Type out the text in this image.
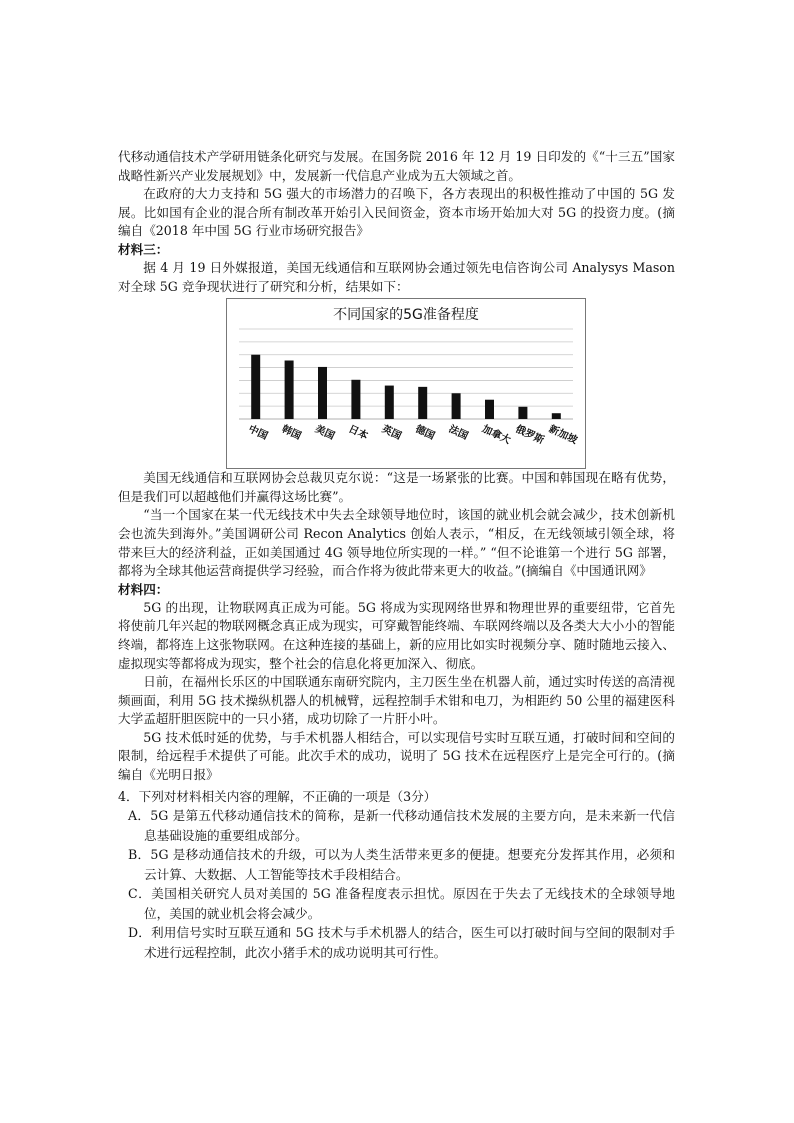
代移动通信技术产学研用链条化研究与发展。在国务院 2016 年 12 月 19 日印发的《“十三五”国家战略性新兴产业发展规划》中，发展新一代信息产业成为五大领域之首。

在政府的大力支持和 5G 强大的市场潜力的召唤下，各方表现出的积极性推动了中国的 5G 发展。比如国有企业的混合所有制改革开始引入民间资金，资本市场开始加大对 5G 的投资力度。(摘编自《2018 年中国 5G 行业市场研究报告》

材料三：

据 4 月 19 日外媒报道，美国无线通信和互联网协会通过领先电信咨询公司 Analysys Mason 对全球 5G 竞争现状进行了研究和分析，结果如下：

不同国家的5G准备程度
中国 韩国 美国 日本 英国 德国 法国 加拿大 俄罗斯 新加坡

美国无线通信和互联网协会总裁贝克尔说：“这是一场紧张的比赛。中国和韩国现在略有优势，但是我们可以超越他们并赢得这场比赛”。

“当一个国家在某一代无线技术中失去全球领导地位时，该国的就业机会就会减少，技术创新机会也流失到海外。”美国调研公司 Recon Analytics 创始人表示，“相反，在无线领域引领全球，将带来巨大的经济利益，正如美国通过 4G 领导地位所实现的一样。” “但不论谁第一个进行 5G 部署，都将为全球其他运营商提供学习经验，而合作将为彼此带来更大的收益。”(摘编自《中国通讯网》

材料四：

5G 的出现，让物联网真正成为可能。5G 将成为实现网络世界和物理世界的重要纽带，它首先将使前几年兴起的物联网概念真正成为现实，可穿戴智能终端、车联网终端以及各类大大小小的智能终端，都将连上这张物联网。在这种连接的基础上，新的应用比如实时视频分享、随时随地云接入、虚拟现实等都将成为现实，整个社会的信息化将更加深入、彻底。

日前，在福州长乐区的中国联通东南研究院内，主刀医生坐在机器人前，通过实时传送的高清视频画面，利用 5G 技术操纵机器人的机械臂，远程控制手术钳和电刀，为相距约 50 公里的福建医科大学孟超肝胆医院中的一只小猪，成功切除了一片肝小叶。

5G 技术低时延的优势，与手术机器人相结合，可以实现信号实时互联互通，打破时间和空间的限制，给远程手术提供了可能。此次手术的成功，说明了 5G 技术在远程医疗上是完全可行的。(摘编自《光明日报》

4．下列对材料相关内容的理解，不正确的一项是（3分）

A．5G 是第五代移动通信技术的简称，是新一代移动通信技术发展的主要方向，是未来新一代信息基础设施的重要组成部分。

B．5G 是移动通信技术的升级，可以为人类生活带来更多的便捷。想要充分发挥其作用，必须和云计算、大数据、人工智能等技术手段相结合。

C．美国相关研究人员对美国的 5G 准备程度表示担忧。原因在于失去了无线技术的全球领导地位，美国的就业机会将会减少。

D．利用信号实时互联互通和 5G 技术与手术机器人的结合，医生可以打破时间与空间的限制对手术进行远程控制，此次小猪手术的成功说明其可行性。
